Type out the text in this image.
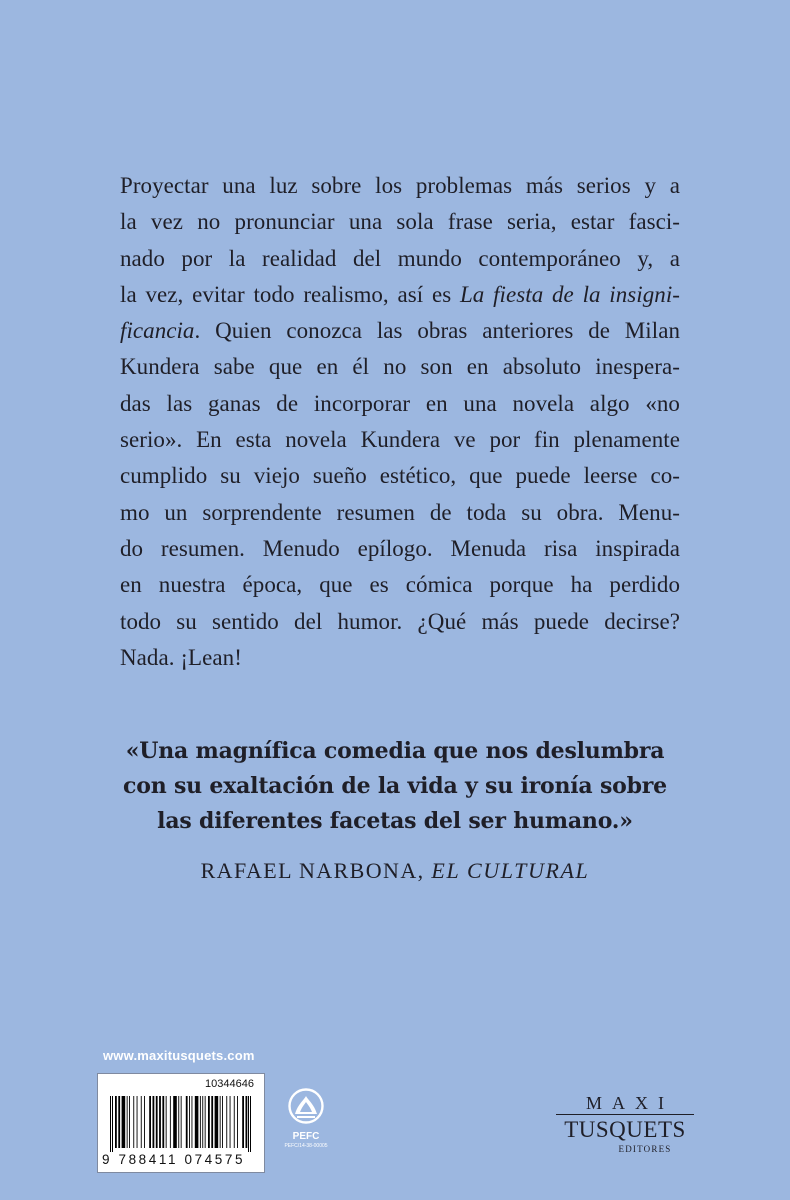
Proyectar una luz sobre los problemas más serios y a
la vez no pronunciar una sola frase seria, estar fasci-
nado por la realidad del mundo contemporáneo y, a
la vez, evitar todo realismo, así es La fiesta de la insigni-
ficancia. Quien conozca las obras anteriores de Milan
Kundera sabe que en él no son en absoluto inespera-
das las ganas de incorporar en una novela algo «no
serio». En esta novela Kundera ve por fin plenamente
cumplido su viejo sueño estético, que puede leerse co-
mo un sorprendente resumen de toda su obra. Menu-
do resumen. Menudo epílogo. Menuda risa inspirada
en nuestra época, que es cómica porque ha perdido
todo su sentido del humor. ¿Qué más puede decirse?
Nada. ¡Lean!
«Una magnífica comedia que nos deslumbra
con su exaltación de la vida y su ironía sobre
las diferentes facetas del ser humano.»
RAFAEL NARBONA, EL CULTURAL
www.maxitusquets.com
10344646
9 788411 074575
PEFC
PEFC/14-38-00005
MAXI
TUSQUETS
EDITORES
